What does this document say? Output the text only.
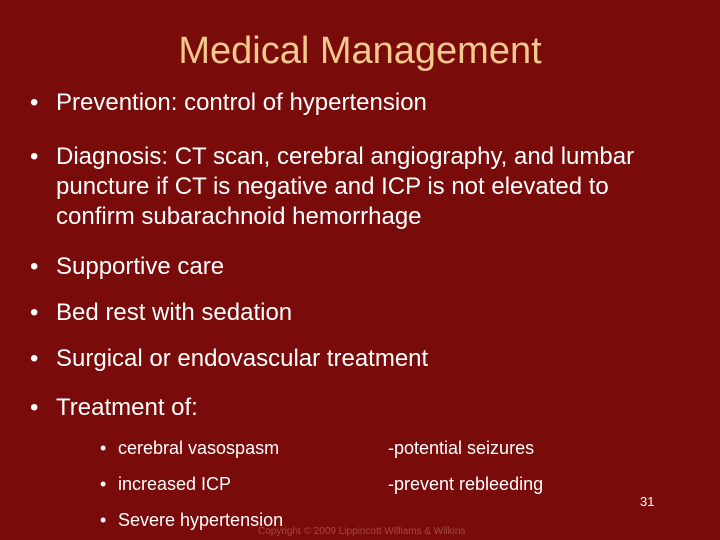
Medical Management
• Prevention: control of hypertension
• Diagnosis: CT scan, cerebral angiography, and lumbar puncture if CT is negative and ICP is not elevated to confirm subarachnoid hemorrhage
• Supportive care
• Bed rest with sedation
• Surgical or endovascular treatment
• Treatment of:
• cerebral vasospasm	-potential seizures
• increased ICP	-prevent rebleeding
• Severe hypertension
31
Copyright © 2009 Lippincott Williams & Wilkins
